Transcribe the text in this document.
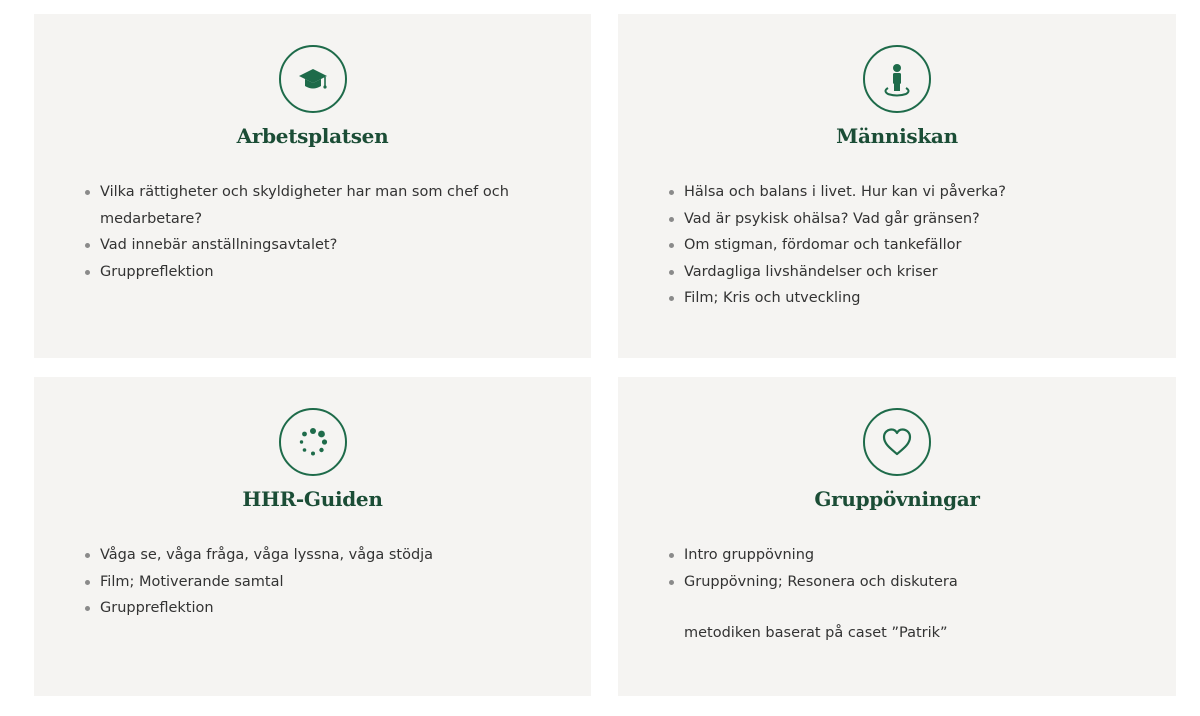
Arbetsplatsen
Vilka rättigheter och skyldigheter har man som chef och medarbetare?
Vad innebär anställningsavtalet?
Gruppreflektion
Människan
Hälsa och balans i livet. Hur kan vi påverka?
Vad är psykisk ohälsa? Vad går gränsen?
Om stigman, fördomar och tankefällor
Vardagliga livshändelser och kriser
Film; Kris och utveckling
HHR-Guiden
Våga se, våga fråga, våga lyssna, våga stödja
Film; Motiverande samtal
Gruppreflektion
Gruppövningar
Intro gruppövning
Gruppövning; Resonera och diskutera
metodiken baserat på caset ”Patrik”
